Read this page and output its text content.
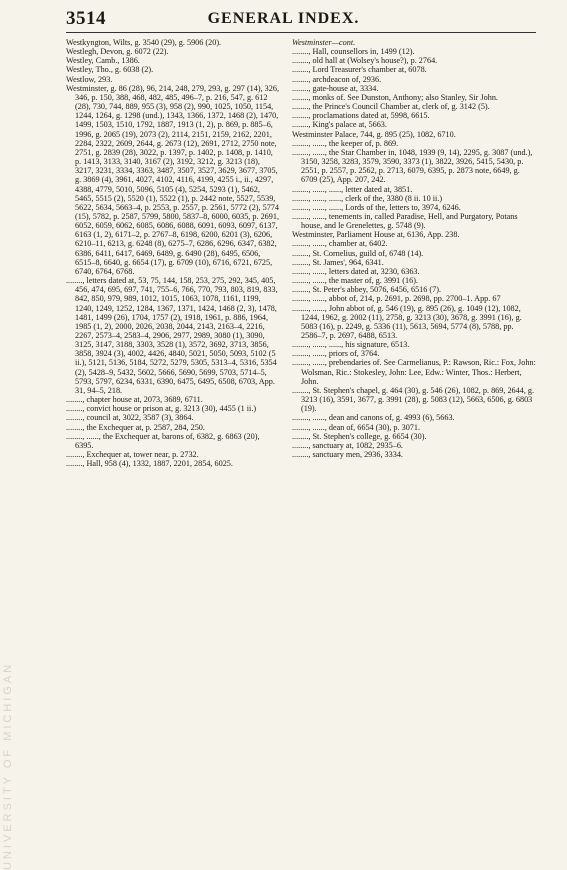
3514	GENERAL INDEX.
UNIVERSITY OF MICHIGAN

Westkyngton, Wilts, g. 3540 (29), g. 5906 (20).

Westlegh, Devon, g. 6072 (22).

Westley, Camb., 1386.

Westley, Tho., g. 6038 (2).

Westlow, 293.

Westminster, g. 86 (28), 96, 214, 248, 279, 293, g. 297 (14), 326, 346, p. 150, 388, 468, 482, 485, 496–7, p. 216, 547, g. 612 (28), 730, 744, 889, 955 (3), 958 (2), 990, 1025, 1050, 1154, 1244, 1264, g. 1298 (und.), 1343, 1366, 1372, 1468 (2), 1470, 1499, 1503, 1510, 1792, 1887, 1913 (1, 2), p. 869, p. 885–6, 1996, g. 2065 (19), 2073 (2), 2114, 2151, 2159, 2162, 2201, 2284, 2322, 2609, 2644, g. 2673 (12), 2691, 2712, 2750 note, 2751, g. 2839 (28), 3022, p. 1397, p. 1402, p. 1408, p. 1410, p. 1413, 3133, 3140, 3167 (2), 3192, 3212, g. 3213 (18), 3217, 3231, 3334, 3363, 3487, 3507, 3527, 3629, 3677, 3705, g. 3869 (4), 3961, 4027, 4102, 4116, 4199, 4255 i., ii., 4297, 4388, 4779, 5010, 5096, 5105 (4), 5254, 5293 (1), 5462, 5465, 5515 (2), 5520 (1), 5522 (1), p. 2442 note, 5527, 5539, 5622, 5634, 5663–4, p. 2553, p. 2557, p. 2561, 5772 (2), 5774 (15), 5782, p. 2587, 5799, 5800, 5837–8, 6000, 6035, p. 2691, 6052, 6059, 6062, 6085, 6086, 6088, 6091, 6093, 6097, 6137, 6163 (1, 2), 6171–2, p. 2767–8, 6198, 6200, 6201 (3), 6206, 6210–11, 6213, g. 6248 (8), 6275–7, 6286, 6296, 6347, 6382, 6386, 6411, 6417, 6469, 6489, g. 6490 (28), 6495, 6506, 6515–8, 6640, g. 6654 (17), g. 6709 (10), 6716, 6721, 6725, 6740, 6764, 6768.

........, letters dated at, 53, 75, 144, 158, 253, 275, 292, 345, 405, 456, 474, 695, 697, 741, 755–6, 766, 770, 793, 803, 819, 833, 842, 850, 979, 989, 1012, 1015, 1063, 1078, 1161, 1199, 1240, 1249, 1252, 1284, 1367, 1371, 1424, 1468 (2, 3), 1478, 1481, 1499 (26), 1704, 1757 (2), 1918, 1961, p. 886, 1964, 1985 (1, 2), 2000, 2026, 2038, 2044, 2143, 2163–4, 2216, 2267, 2573–4, 2583–4, 2906, 2977, 2989, 3080 (1), 3090, 3125, 3147, 3188, 3303, 3528 (1), 3572, 3692, 3713, 3856, 3858, 3924 (3), 4002, 4426, 4840, 5021, 5050, 5093, 5102 (5 ii.), 5121, 5136, 5184, 5272, 5279, 5305, 5313–4, 5316, 5354 (2), 5428–9, 5432, 5602, 5666, 5690, 5699, 5703, 5714–5, 5793, 5797, 6234, 6331, 6390, 6475, 6495, 6508, 6703, App. 31, 94–5, 218.

........, chapter house at, 2073, 3689, 6711.

........, convict house or prison at, g. 3213 (30), 4455 (1 ii.)

........, council at, 3022, 3587 (3), 3864.

........, the Exchequer at, p. 2587, 284, 250.

........, ......, the Exchequer at, barons of, 6382, g. 6863 (20), 6395.

........, Exchequer at, tower near, p. 2732.

........, Hall, 958 (4), 1332, 1887, 2201, 2854, 6025.

Westminster—cont.

........, Hall, counsellors in, 1499 (12).

........, old hall at (Wolsey's house?), p. 2764.

........, Lord Treasurer's chamber at, 6078.

........, archdeacon of, 2936.

........, gate-house at, 3334.

........, monks of. See Dunston, Anthony; also Stanley, Sir John.

........, the Prince's Council Chamber at, clerk of, g. 3142 (5).

........, proclamations dated at, 5998, 6615.

........, King's palace at, 5663.

Westminster Palace, 744, g. 895 (25), 1082, 6710.

........, ......, the keeper of, p. 869.

........, ......, the Star Chamber in, 1048, 1939 (9, 14), 2295, g. 3087 (und.), 3150, 3258, 3283, 3579, 3590, 3373 (1), 3822, 3926, 5415, 5430, p. 2551, p. 2557, p. 2562, p. 2713, 6079, 6395, p. 2873 note, 6649, g. 6709 (25), App. 207, 242.

........, ......, ......, letter dated at, 3851.

........, ......, ......, clerk of the, 3380 (8 ii. 10 ii.)

........, ......, ......, Lords of the, letters to, 3974, 6246.

........, ......, tenements in, called Paradise, Hell, and Purgatory, Potans house, and le Grenelettes, g. 5748 (9).

Westminster, Parliament House at, 6136, App. 238.

........, ......, chamber at, 6402.

........, St. Cornelius, guild of, 6748 (14).

........, St. James', 964, 6341.

........, ......, letters dated at, 3230, 6363.

........, ......, the master of, g. 3991 (16).

........, St. Peter's abbey, 5076, 6456, 6516 (7).

........, ......, abbot of, 214, p. 2691, p. 2698, pp. 2700–1. App. 67

........, ......, John abbot of, g. 546 (19), g. 895 (26), g. 1049 (12), 1082, 1244, 1962, g. 2002 (11), 2758, g. 3213 (30), 3678, g. 3991 (16), g. 5083 (16), p. 2249, g. 5336 (11), 5613, 5694, 5774 (8), 5788, pp. 2586–7, p. 2697, 6488, 6513.

........, ......, ......, his signature, 6513.

........, ......, priors of, 3764.

........, ......, prebendaries of. See Carmelianus, P.: Rawson, Ric.: Fox, John: Wolsman, Ric.: Stokesley, John: Lee, Edw.: Winter, Thos.: Herbert, John.

........, St. Stephen's chapel, g. 464 (30), g. 546 (26), 1082, p. 869, 2644, g. 3213 (16), 3591, 3677, g. 3991 (28), g. 5083 (12), 5663, 6506, g. 6803 (19).

........, ......, dean and canons of, g. 4993 (6), 5663.

........, ......, dean of, 6654 (30), p. 3071.

........, St. Stephen's college, g. 6654 (30).

........, sanctuary at, 1082, 2935–6.

........, sanctuary men, 2936, 3334.
